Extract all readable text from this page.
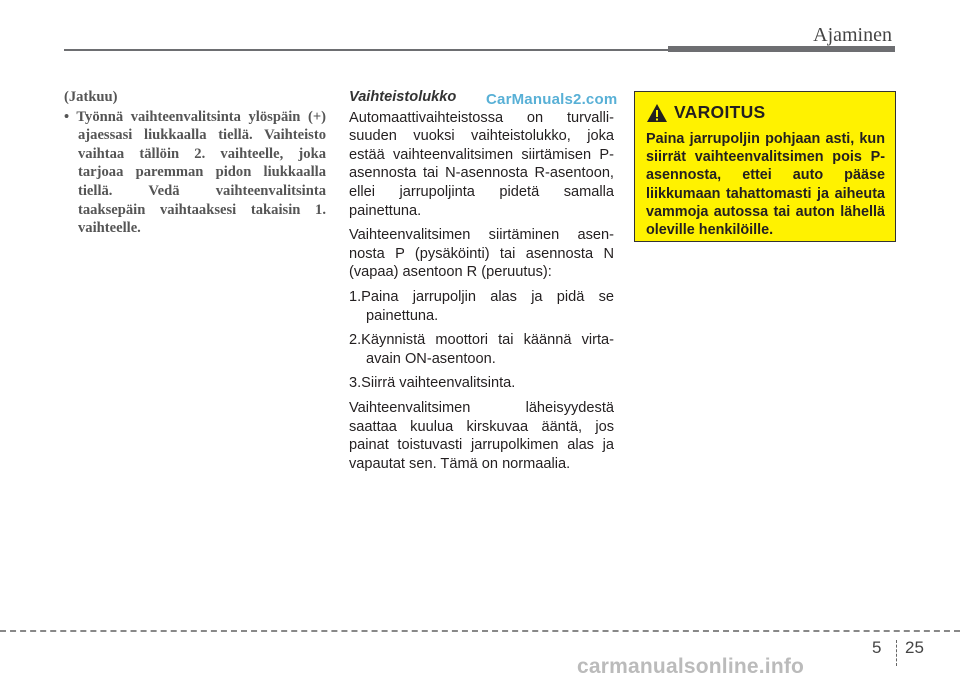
Ajaminen
(Jatkuu)
• Työnnä vaihteenvalitsinta ylöspäin (+) ajaessasi liukkaalla tiellä. Vaihteisto vaihtaa tällöin 2. vaihteelle, joka tarjoaa paremman pidon liukkaalla tiellä. Vedä vaihteenvalitsinta taaksepäin vaihtaaksesi takaisin 1. vaihteelle.
Vaihteistolukko

Automaattivaihteistossa on turvallisuuden vuoksi vaihteistolukko, joka estää vaihteenvalitsimen siirtämisen P-asennosta tai N-asennosta R-asentoon, ellei jarrupoljinta pidetä samalla painettuna.

Vaihteenvalitsimen siirtäminen asennosta P (pysäköinti) tai asennosta N (vapaa) asentoon R (peruutus):

1.Paina jarrupoljin alas ja pidä se painettuna.
2.Käynnistä moottori tai käännä virta-avain ON-asentoon.
3.Siirrä vaihteenvalitsinta.

Vaihteenvalitsimen läheisyydestä saattaa kuulua kirskuvaa ääntä, jos painat toistuvasti jarrupolkimen alas ja vapautat sen. Tämä on normaalia.

CarManuals2.com
VAROITUS
Paina jarrupoljin pohjaan asti, kun siirrät vaihteenvalitsimen pois P-asennosta, ettei auto pääse liikkumaan tahattomasti ja aiheuta vammoja autossa tai auton lähellä oleville henkilöille.
5 25
carmanualsonline.info
